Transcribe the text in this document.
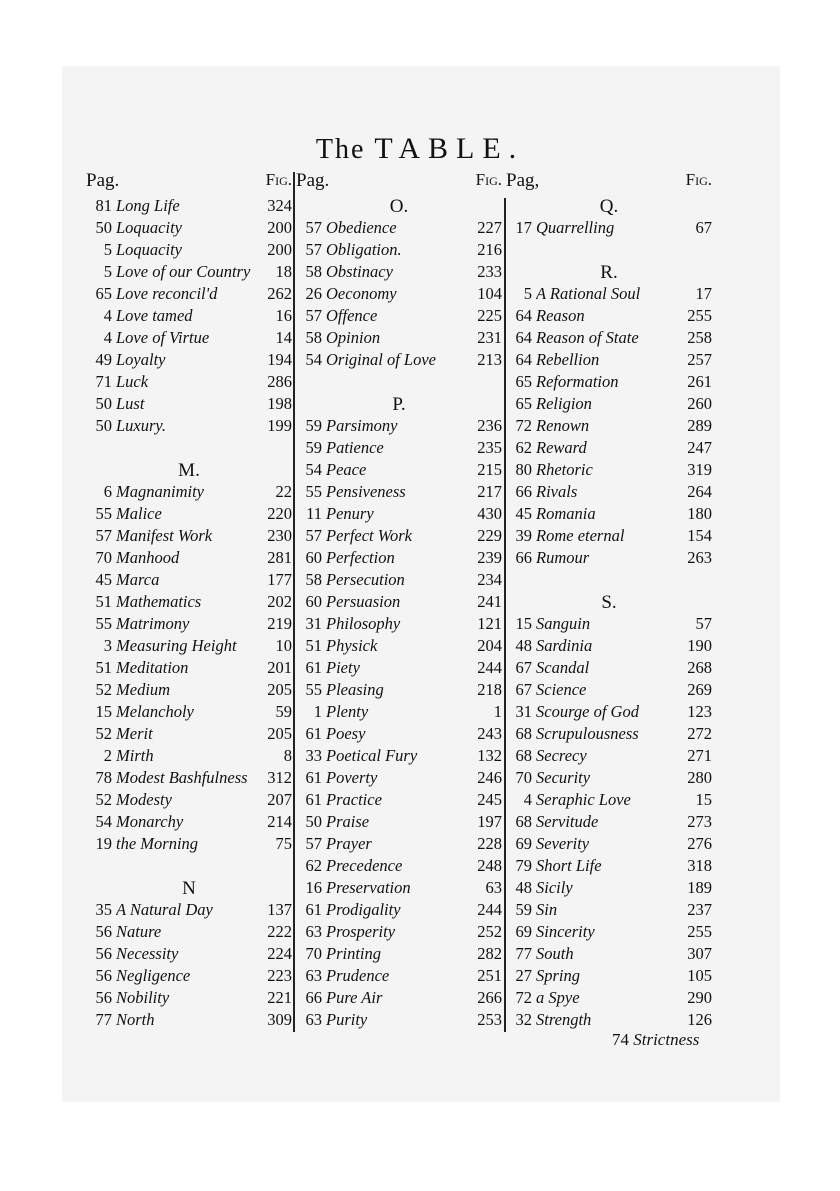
The TABLE.
Pag.	Fig.
81 Long Life	324
50 Loquacity	200
5 Loquacity	200
5 Love of our Country	18
65 Love reconcil'd	262
4 Love tamed	16
4 Love of Virtue	14
49 Loyalty	194
71 Luck	286
50 Lust	198
50 Luxury.	199
M.
6 Magnanimity	22
55 Malice	220
57 Manifest Work	230
70 Manhood	281
45 Marca	177
51 Mathematics	202
55 Matrimony	219
3 Measuring Height	10
51 Meditation	201
52 Medium	205
15 Melancholy	59
52 Merit	205
2 Mirth	8
78 Modest Bashfulness	312
52 Modesty	207
54 Monarchy	214
19 the Morning	75
N
35 A Natural Day	137
56 Nature	222
56 Necessity	224
56 Negligence	223
56 Nobility	221
77 North	309
Pag.	Fig.
O.
57 Obedience	227
57 Obligation.	216
58 Obstinacy	233
26 Oeconomy	104
57 Offence	225
58 Opinion	231
54 Original of Love	213
P.
59 Parsimony	236
59 Patience	235
54 Peace	215
55 Pensiveness	217
11 Penury	430
57 Perfect Work	229
60 Perfection	239
58 Persecution	234
60 Persuasion	241
31 Philosophy	121
51 Physick	204
61 Piety	244
55 Pleasing	218
1 Plenty	1
61 Poesy	243
33 Poetical Fury	132
61 Poverty	246
61 Practice	245
50 Praise	197
57 Prayer	228
62 Precedence	248
16 Preservation	63
61 Prodigality	244
63 Prosperity	252
70 Printing	282
63 Prudence	251
66 Pure Air	266
63 Purity	253
Pag,	Fig.
Q.
17 Quarrelling	67
R.
5 A Rational Soul	17
64 Reason	255
64 Reason of State	258
64 Rebellion	257
65 Reformation	261
65 Religion	260
72 Renown	289
62 Reward	247
80 Rhetoric	319
66 Rivals	264
45 Romania	180
39 Rome eternal	154
66 Rumour	263
S.
15 Sanguin	57
48 Sardinia	190
67 Scandal	268
67 Science	269
31 Scourge of God	123
68 Scrupulousness	272
68 Secrecy	271
70 Security	280
4 Seraphic Love	15
68 Servitude	273
69 Severity	276
79 Short Life	318
48 Sicily	189
59 Sin	237
69 Sincerity	255
77 South	307
27 Spring	105
72 a Spye	290
32 Strength	126
74 Strictness
